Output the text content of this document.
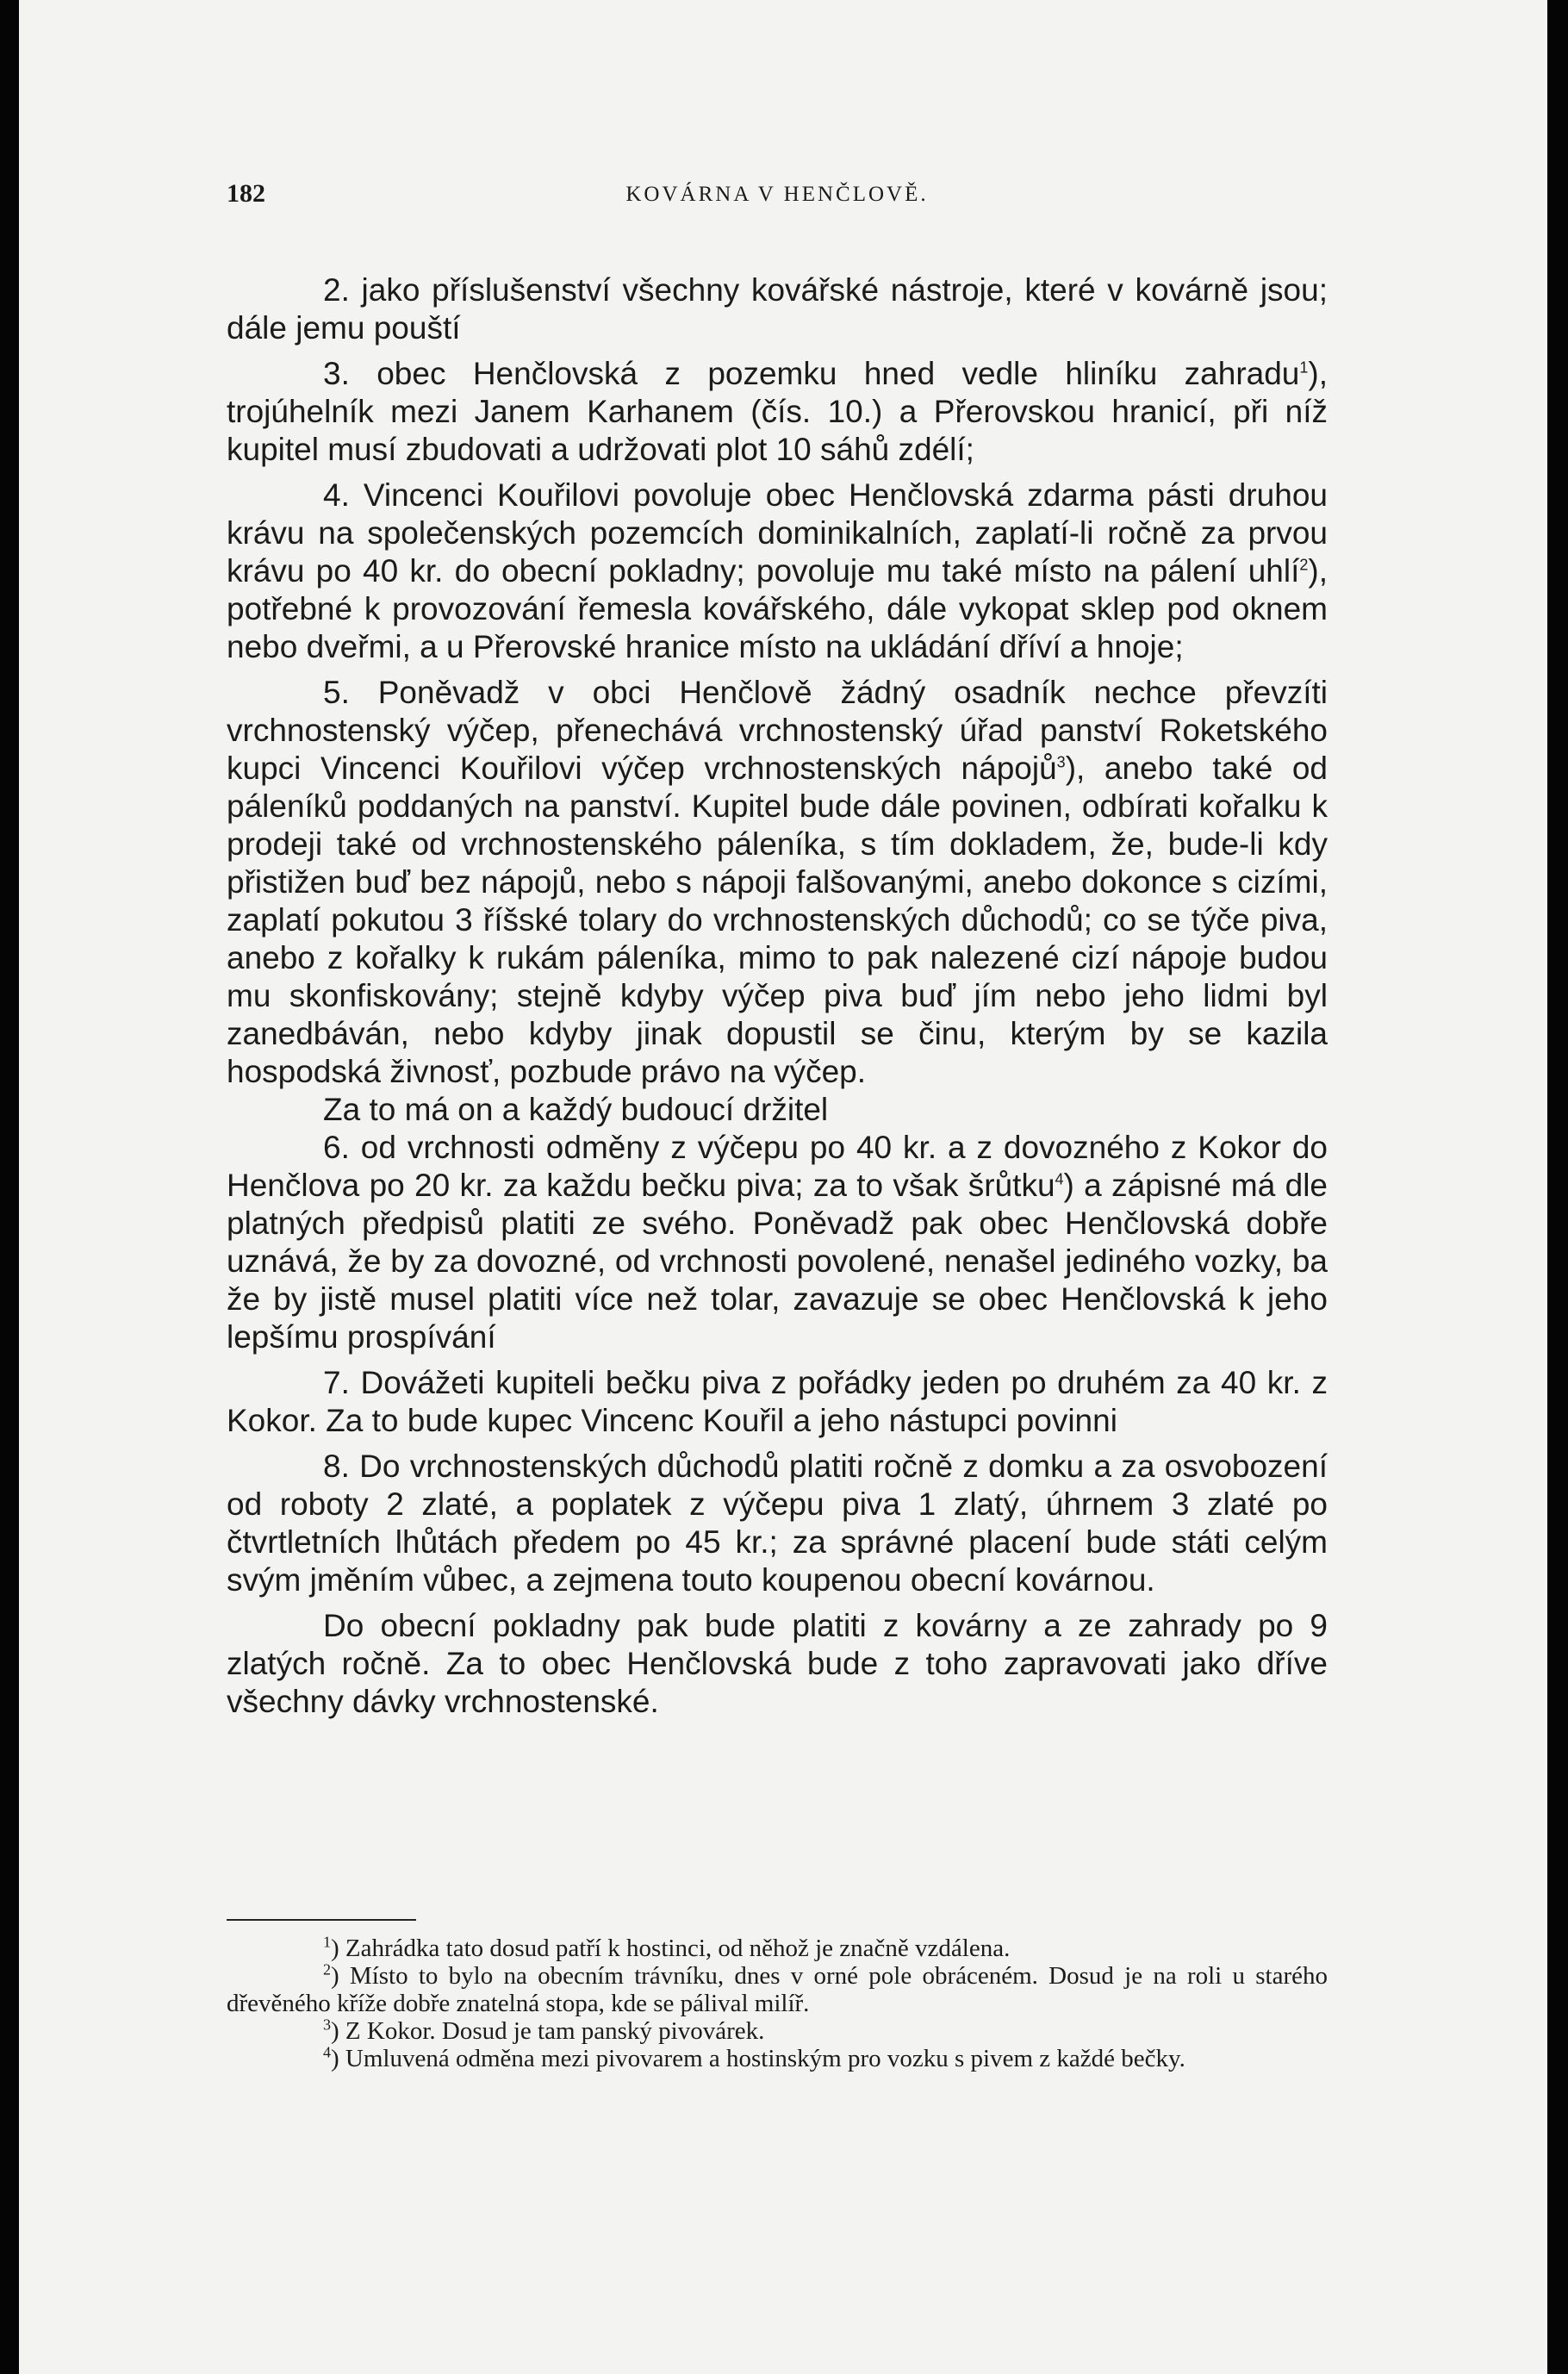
182	KOVÁRNA V HENČLOVĚ.

2. jako příslušenství všechny kovářské nástroje, které v kovárně jsou; dále jemu pouští

3. obec Henčlovská z pozemku hned vedle hliníku zahradu$^1$), trojúhelník mezi Janem Karhanem (čís. 10.) a Přerovskou hranicí, při níž kupitel musí zbudovati a udržovati plot 10 sáhů zdélí;

4. Vincenci Kouřilovi povoluje obec Henčlovská zdarma pásti druhou krávu na společenských pozemcích dominikalních, zaplatí-li ročně za prvou krávu po 40 kr. do obecní pokladny; povoluje mu také místo na pálení uhlí$^2$), potřebné k provozování řemesla kovářského, dále vykopat sklep pod oknem nebo dveřmi, a u Přerovské hranice místo na ukládání dříví a hnoje;

5. Poněvadž v obci Henčlově žádný osadník nechce převzíti vrchnostenský výčep, přenechává vrchnostenský úřad panství Roketského kupci Vincenci Kouřilovi výčep vrchnostenských nápojů$^3$), anebo také od páleníků poddaných na panství. Kupitel bude dále povinen, odbírati kořalku k prodeji také od vrchnostenského páleníka, s tím dokladem, že, bude-li kdy přistižen buď bez nápojů, nebo s nápoji falšovanými, anebo dokonce s cizími, zaplatí pokutou 3 říšské tolary do vrchnostenských důchodů; co se týče piva, anebo z kořalky k rukám páleníka, mimo to pak nalezené cizí nápoje budou mu skonfiskovány; stejně kdyby výčep piva buď jím nebo jeho lidmi byl zanedbáván, nebo kdyby jinak dopustil se činu, kterým by se kazila hospodská živnosť, pozbude právo na výčep.

Za to má on a každý budoucí držitel

6. od vrchnosti odměny z výčepu po 40 kr. a z dovozného z Kokor do Henčlova po 20 kr. za každu bečku piva; za to však šrůtku$^4$) a zápisné má dle platných předpisů platiti ze svého. Poněvadž pak obec Henčlovská dobře uznává, že by za dovozné, od vrchnosti povolené, nenašel jediného vozky, ba že by jistě musel platiti více než tolar, zavazuje se obec Henčlovská k jeho lepšímu prospívání

7. Dovážeti kupiteli bečku piva z pořádky jeden po druhém za 40 kr. z Kokor. Za to bude kupec Vincenc Kouřil a jeho nástupci povinni

8. Do vrchnostenských důchodů platiti ročně z domku a za osvobození od roboty 2 zlaté, a poplatek z výčepu piva 1 zlatý, úhrnem 3 zlaté po čtvrtletních lhůtách předem po 45 kr.; za správné placení bude státi celým svým jměním vůbec, a zejmena touto koupenou obecní kovárnou.

Do obecní pokladny pak bude platiti z kovárny a ze zahrady po 9 zlatých ročně. Za to obec Henčlovská bude z toho zapravovati jako dříve všechny dávky vrchnostenské.

$^1$) Zahrádka tato dosud patří k hostinci, od něhož je značně vzdálena.

$^2$) Místo to bylo na obecním trávníku, dnes v orné pole obráceném. Dosud je na roli u starého dřevěného kříže dobře znatelná stopa, kde se pálival milíř.

$^3$) Z Kokor. Dosud je tam panský pivovárek.

$^4$) Umluvená odměna mezi pivovarem a hostinským pro vozku s pivem z každé bečky.
